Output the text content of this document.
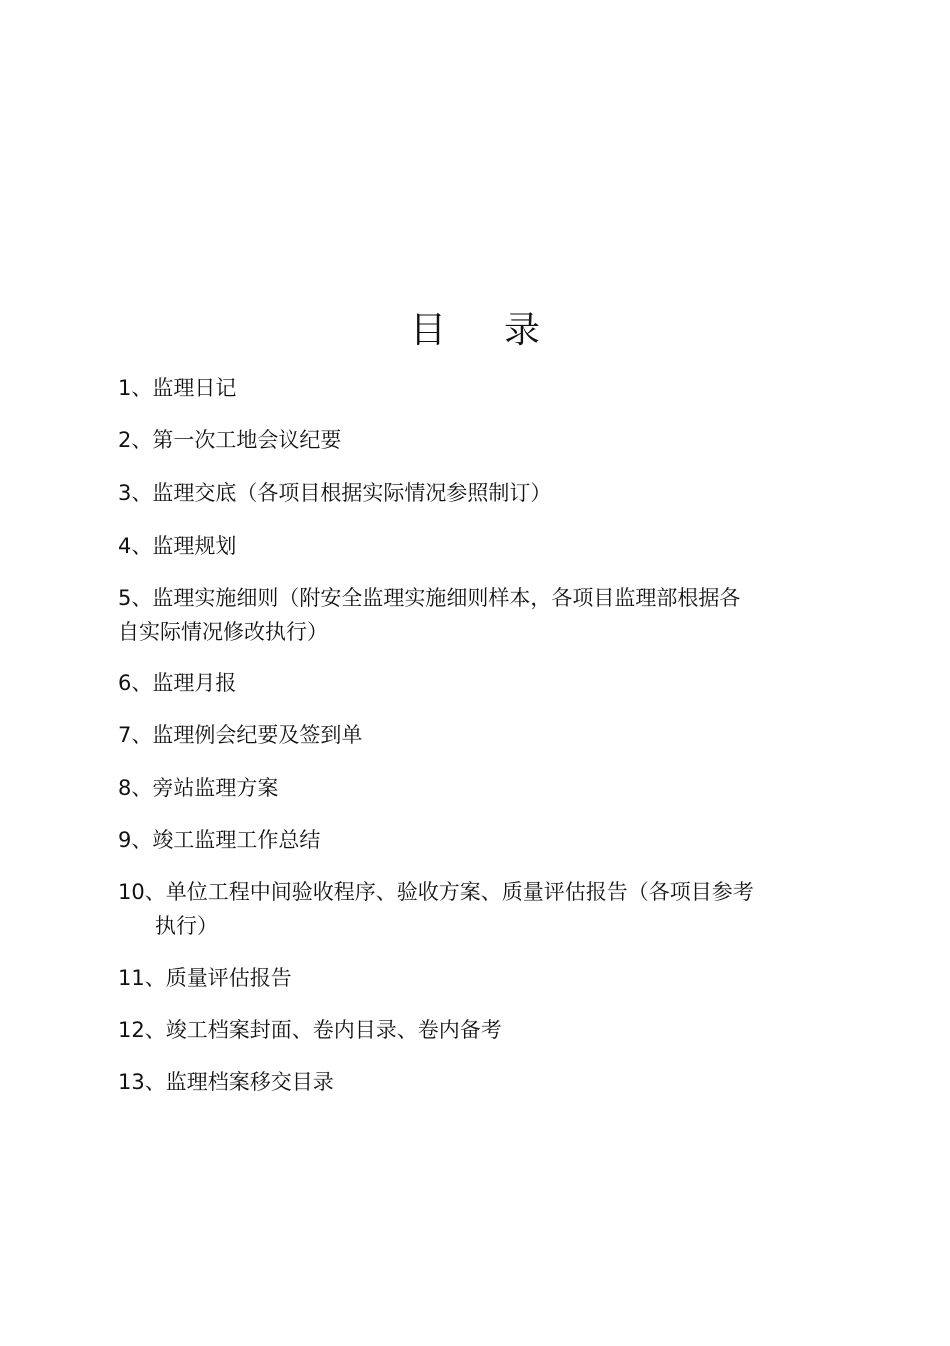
目 录
1、监理日记
2、第一次工地会议纪要
3、监理交底（各项目根据实际情况参照制订）
4、监理规划
5、监理实施细则（附安全监理实施细则样本，各项目监理部根据各
自实际情况修改执行）
6、监理月报
7、监理例会纪要及签到单
8、旁站监理方案
9、竣工监理工作总结
10、单位工程中间验收程序、验收方案、质量评估报告（各项目参考
执行）
11、质量评估报告
12、竣工档案封面、卷内目录、卷内备考
13、监理档案移交目录
